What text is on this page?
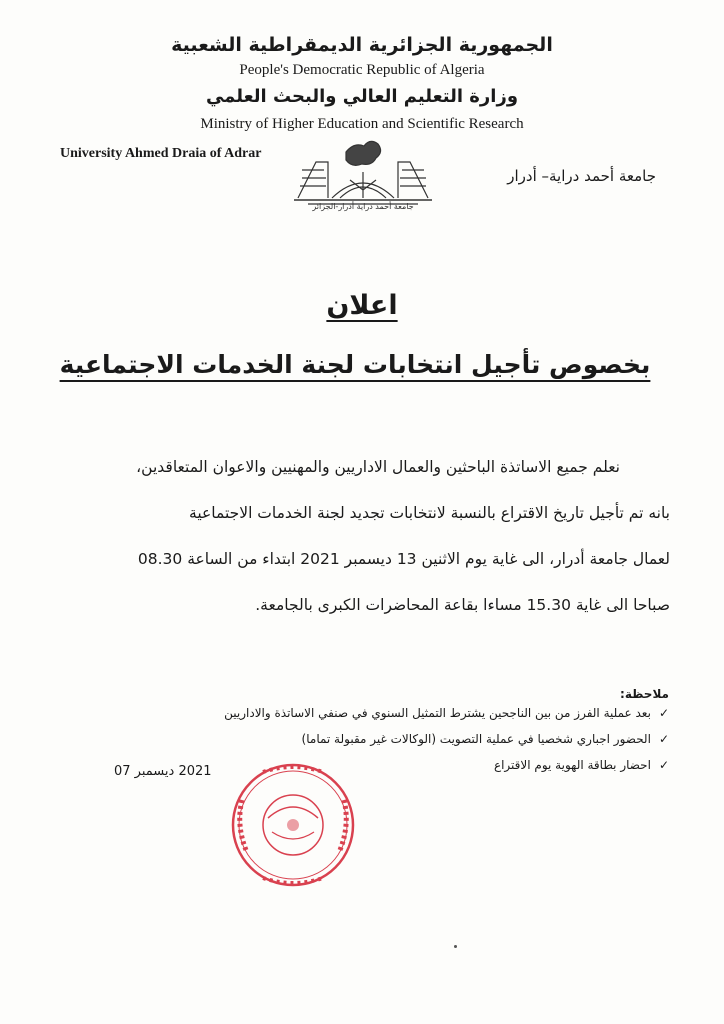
الجمهورية الجزائرية الديمقراطية الشعبية
People's Democratic Republic of Algeria
وزارة التعليم العالي والبحث العلمي
Ministry of Higher Education and Scientific Research
University Ahmed Draia of Adrar
جامعة أحمد دراية– أدرار
جامعة أحمد دراية أدرار-الجزائر
اعلان
بخصوص تأجيل انتخابات لجنة الخدمات الاجتماعية

نعلم جميع الاساتذة الباحثين والعمال الاداريين والمهنيين والاعوان المتعاقدين،

بانه تم تأجيل تاريخ الاقتراع بالنسبة لانتخابات تجديد لجنة الخدمات الاجتماعية

لعمال جامعة أدرار، الى غاية يوم الاثنين 13 ديسمبر 2021 ابتداء من الساعة 08.30

صباحا الى غاية 15.30 مساءا بقاعة المحاضرات الكبرى بالجامعة.

ملاحظة:
✓
بعد عملية الفرز من بين الناجحين يشترط التمثيل السنوي في صنفي الاساتذة والاداريين
✓
الحضور اجباري شخصيا في عملية التصويت (الوكالات غير مقبولة تماما)
✓
احضار بطاقة الهوية يوم الاقتراع
2021 ديسمبر 07
